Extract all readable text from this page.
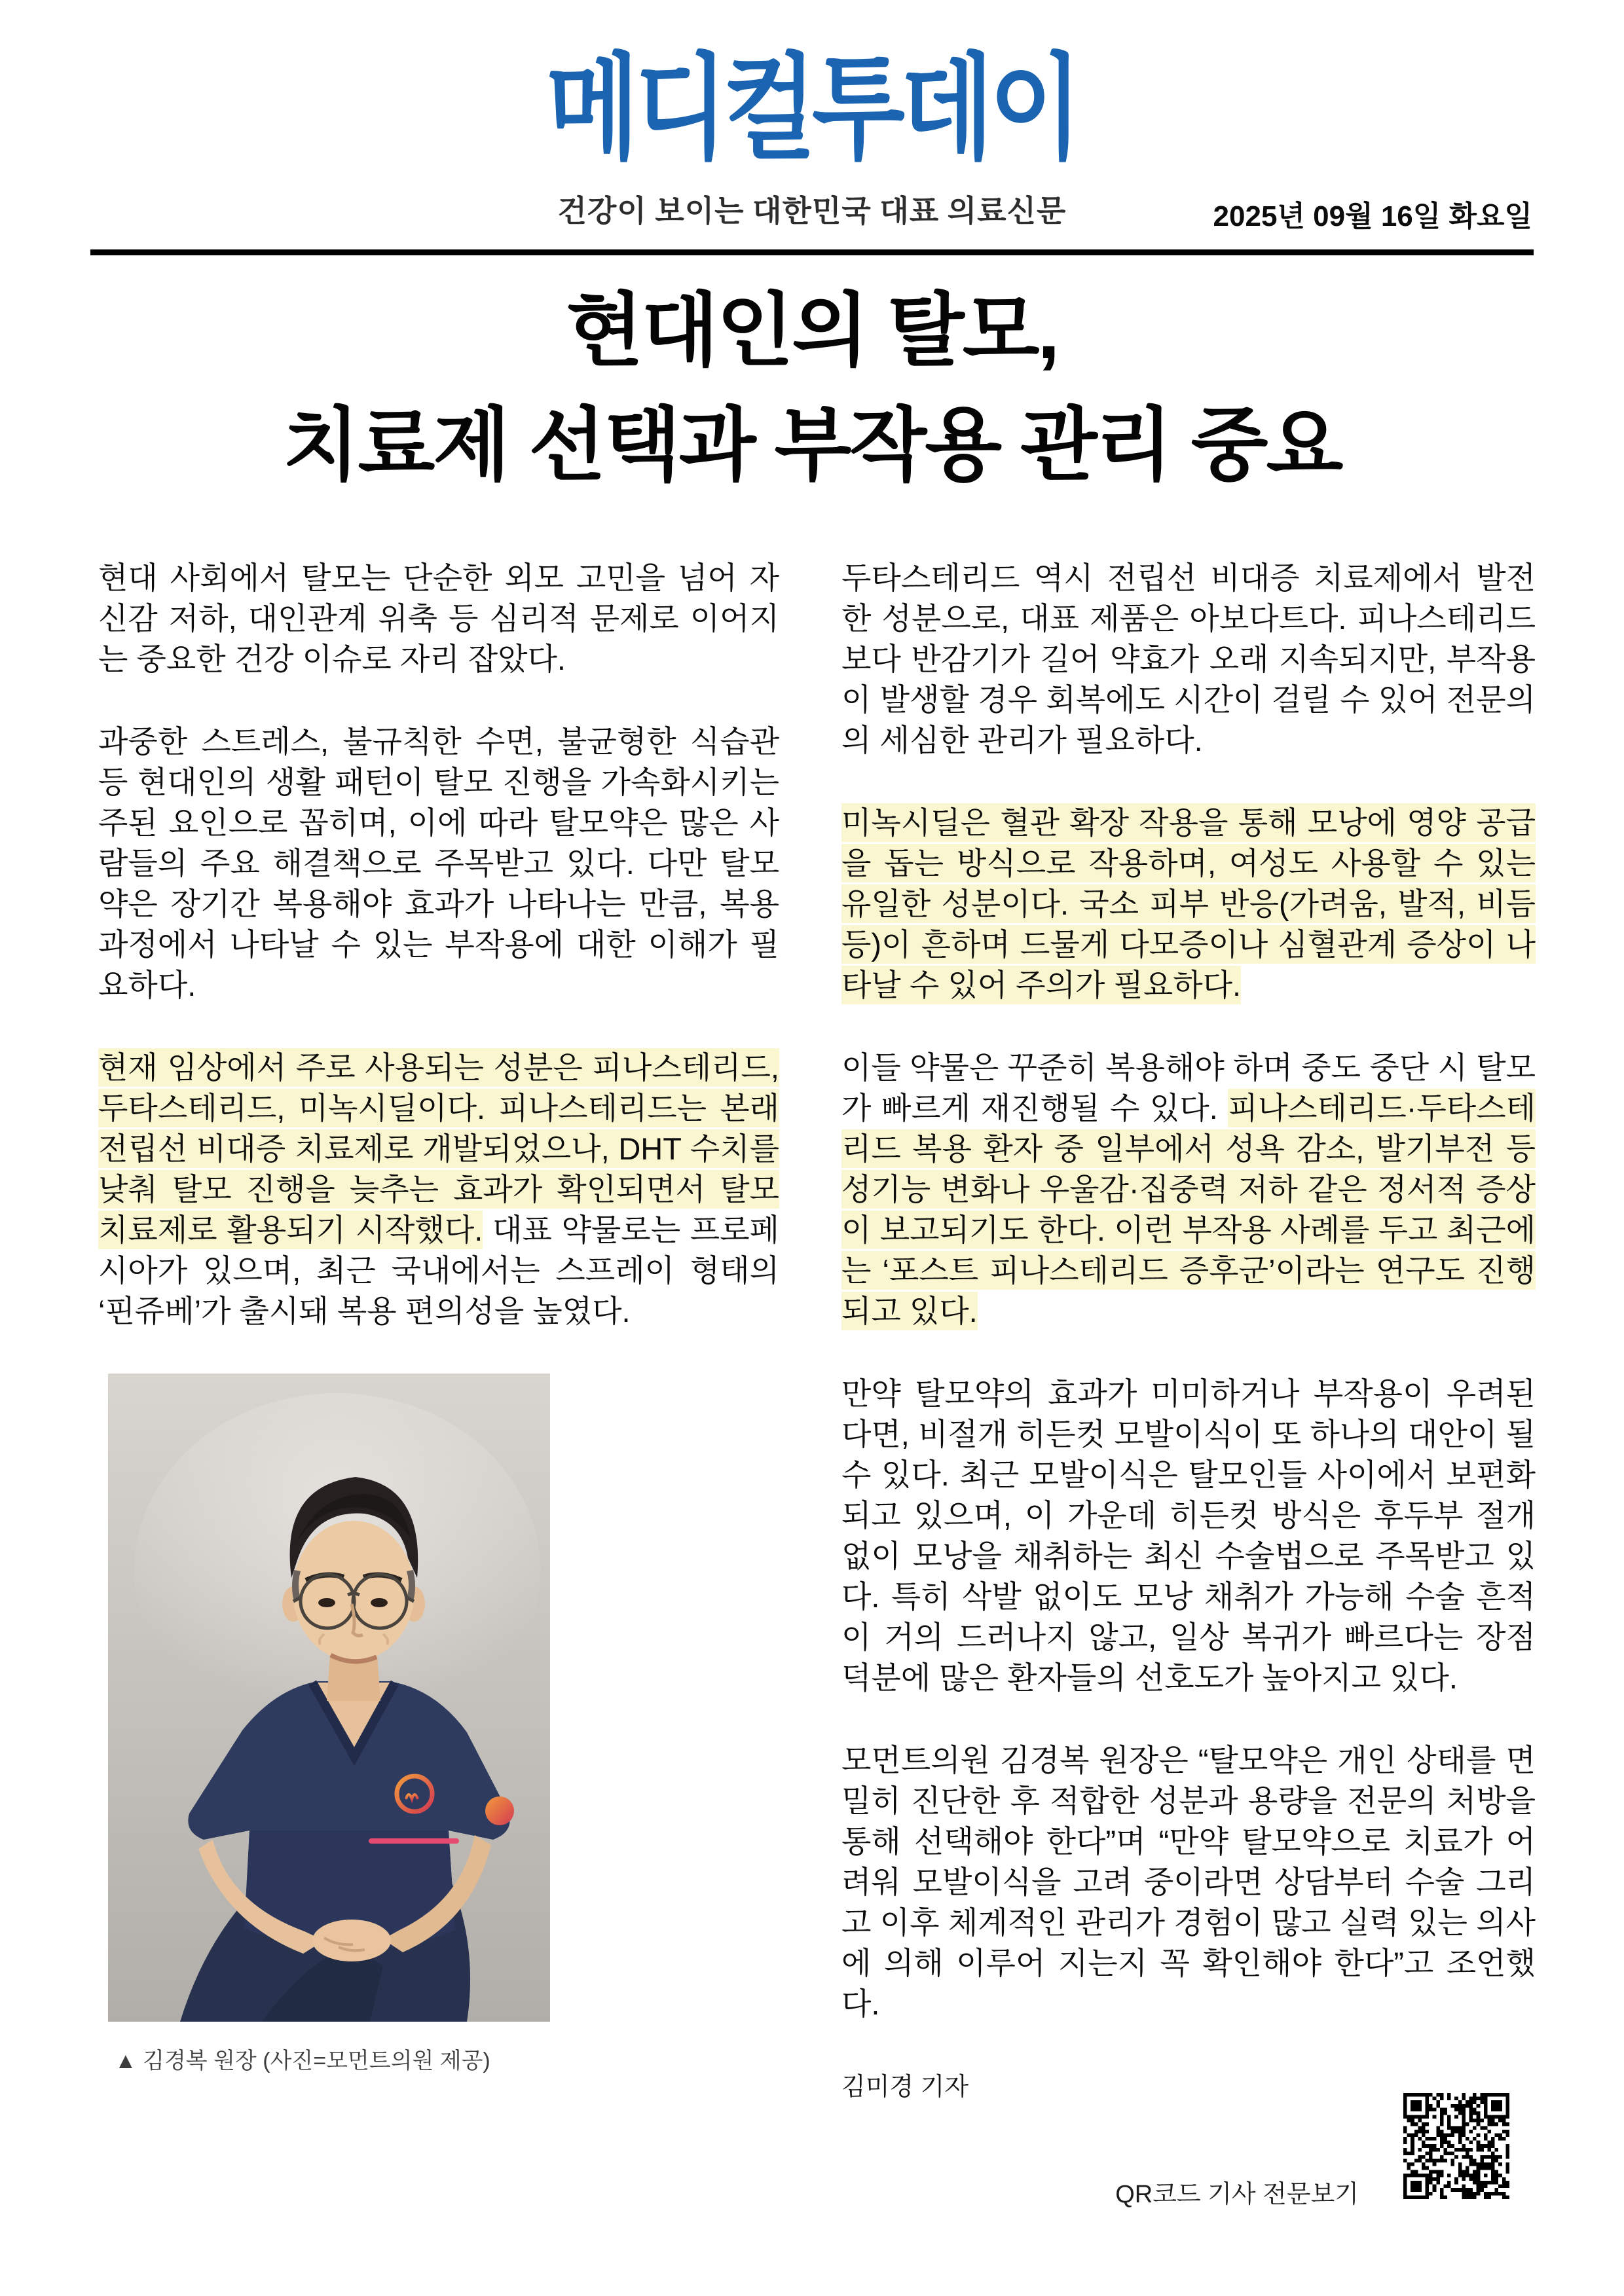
메디컬투데이
건강이 보이는 대한민국 대표 의료신문	2025년 09월 16일 화요일
현대인의 탈모,
치료제 선택과 부작용 관리 중요

현대 사회에서 탈모는 단순한 외모 고민을 넘어 자신감 저하, 대인관계 위축 등 심리적 문제로 이어지는 중요한 건강 이슈로 자리 잡았다.

과중한 스트레스, 불규칙한 수면, 불균형한 식습관 등 현대인의 생활 패턴이 탈모 진행을 가속화시키는 주된 요인으로 꼽히며, 이에 따라 탈모약은 많은 사람들의 주요 해결책으로 주목받고 있다. 다만 탈모약은 장기간 복용해야 효과가 나타나는 만큼, 복용 과정에서 나타날 수 있는 부작용에 대한 이해가 필요하다.

현재 임상에서 주로 사용되는 성분은 피나스테리드, 두타스테리드, 미녹시딜이다. 피나스테리드는 본래 전립선 비대증 치료제로 개발되었으나, DHT 수치를 낮춰 탈모 진행을 늦추는 효과가 확인되면서 탈모 치료제로 활용되기 시작했다. 대표 약물로는 프로페시아가 있으며, 최근 국내에서는 스프레이 형태의 ‘핀쥬베’가 출시돼 복용 편의성을 높였다.

▲ 김경복 원장 (사진=모먼트의원 제공)

두타스테리드 역시 전립선 비대증 치료제에서 발전한 성분으로, 대표 제품은 아보다트다. 피나스테리드보다 반감기가 길어 약효가 오래 지속되지만, 부작용이 발생할 경우 회복에도 시간이 걸릴 수 있어 전문의의 세심한 관리가 필요하다.

미녹시딜은 혈관 확장 작용을 통해 모낭에 영양 공급을 돕는 방식으로 작용하며, 여성도 사용할 수 있는 유일한 성분이다. 국소 피부 반응(가려움, 발적, 비듬 등)이 흔하며 드물게 다모증이나 심혈관계 증상이 나타날 수 있어 주의가 필요하다.

이들 약물은 꾸준히 복용해야 하며 중도 중단 시 탈모가 빠르게 재진행될 수 있다. 피나스테리드·두타스테리드 복용 환자 중 일부에서 성욕 감소, 발기부전 등 성기능 변화나 우울감·집중력 저하 같은 정서적 증상이 보고되기도 한다. 이런 부작용 사례를 두고 최근에는 ‘포스트 피나스테리드 증후군’이라는 연구도 진행되고 있다.

만약 탈모약의 효과가 미미하거나 부작용이 우려된다면, 비절개 히든컷 모발이식이 또 하나의 대안이 될 수 있다. 최근 모발이식은 탈모인들 사이에서 보편화되고 있으며, 이 가운데 히든컷 방식은 후두부 절개 없이 모낭을 채취하는 최신 수술법으로 주목받고 있다. 특히 삭발 없이도 모낭 채취가 가능해 수술 흔적이 거의 드러나지 않고, 일상 복귀가 빠르다는 장점 덕분에 많은 환자들의 선호도가 높아지고 있다.

모먼트의원 김경복 원장은 “탈모약은 개인 상태를 면밀히 진단한 후 적합한 성분과 용량을 전문의 처방을 통해 선택해야 한다”며 “만약 탈모약으로 치료가 어려워 모발이식을 고려 중이라면 상담부터 수술 그리고 이후 체계적인 관리가 경험이 많고 실력 있는 의사에 의해 이루어 지는지 꼭 확인해야 한다”고 조언했다.

김미경 기자
QR코드 기사 전문보기
